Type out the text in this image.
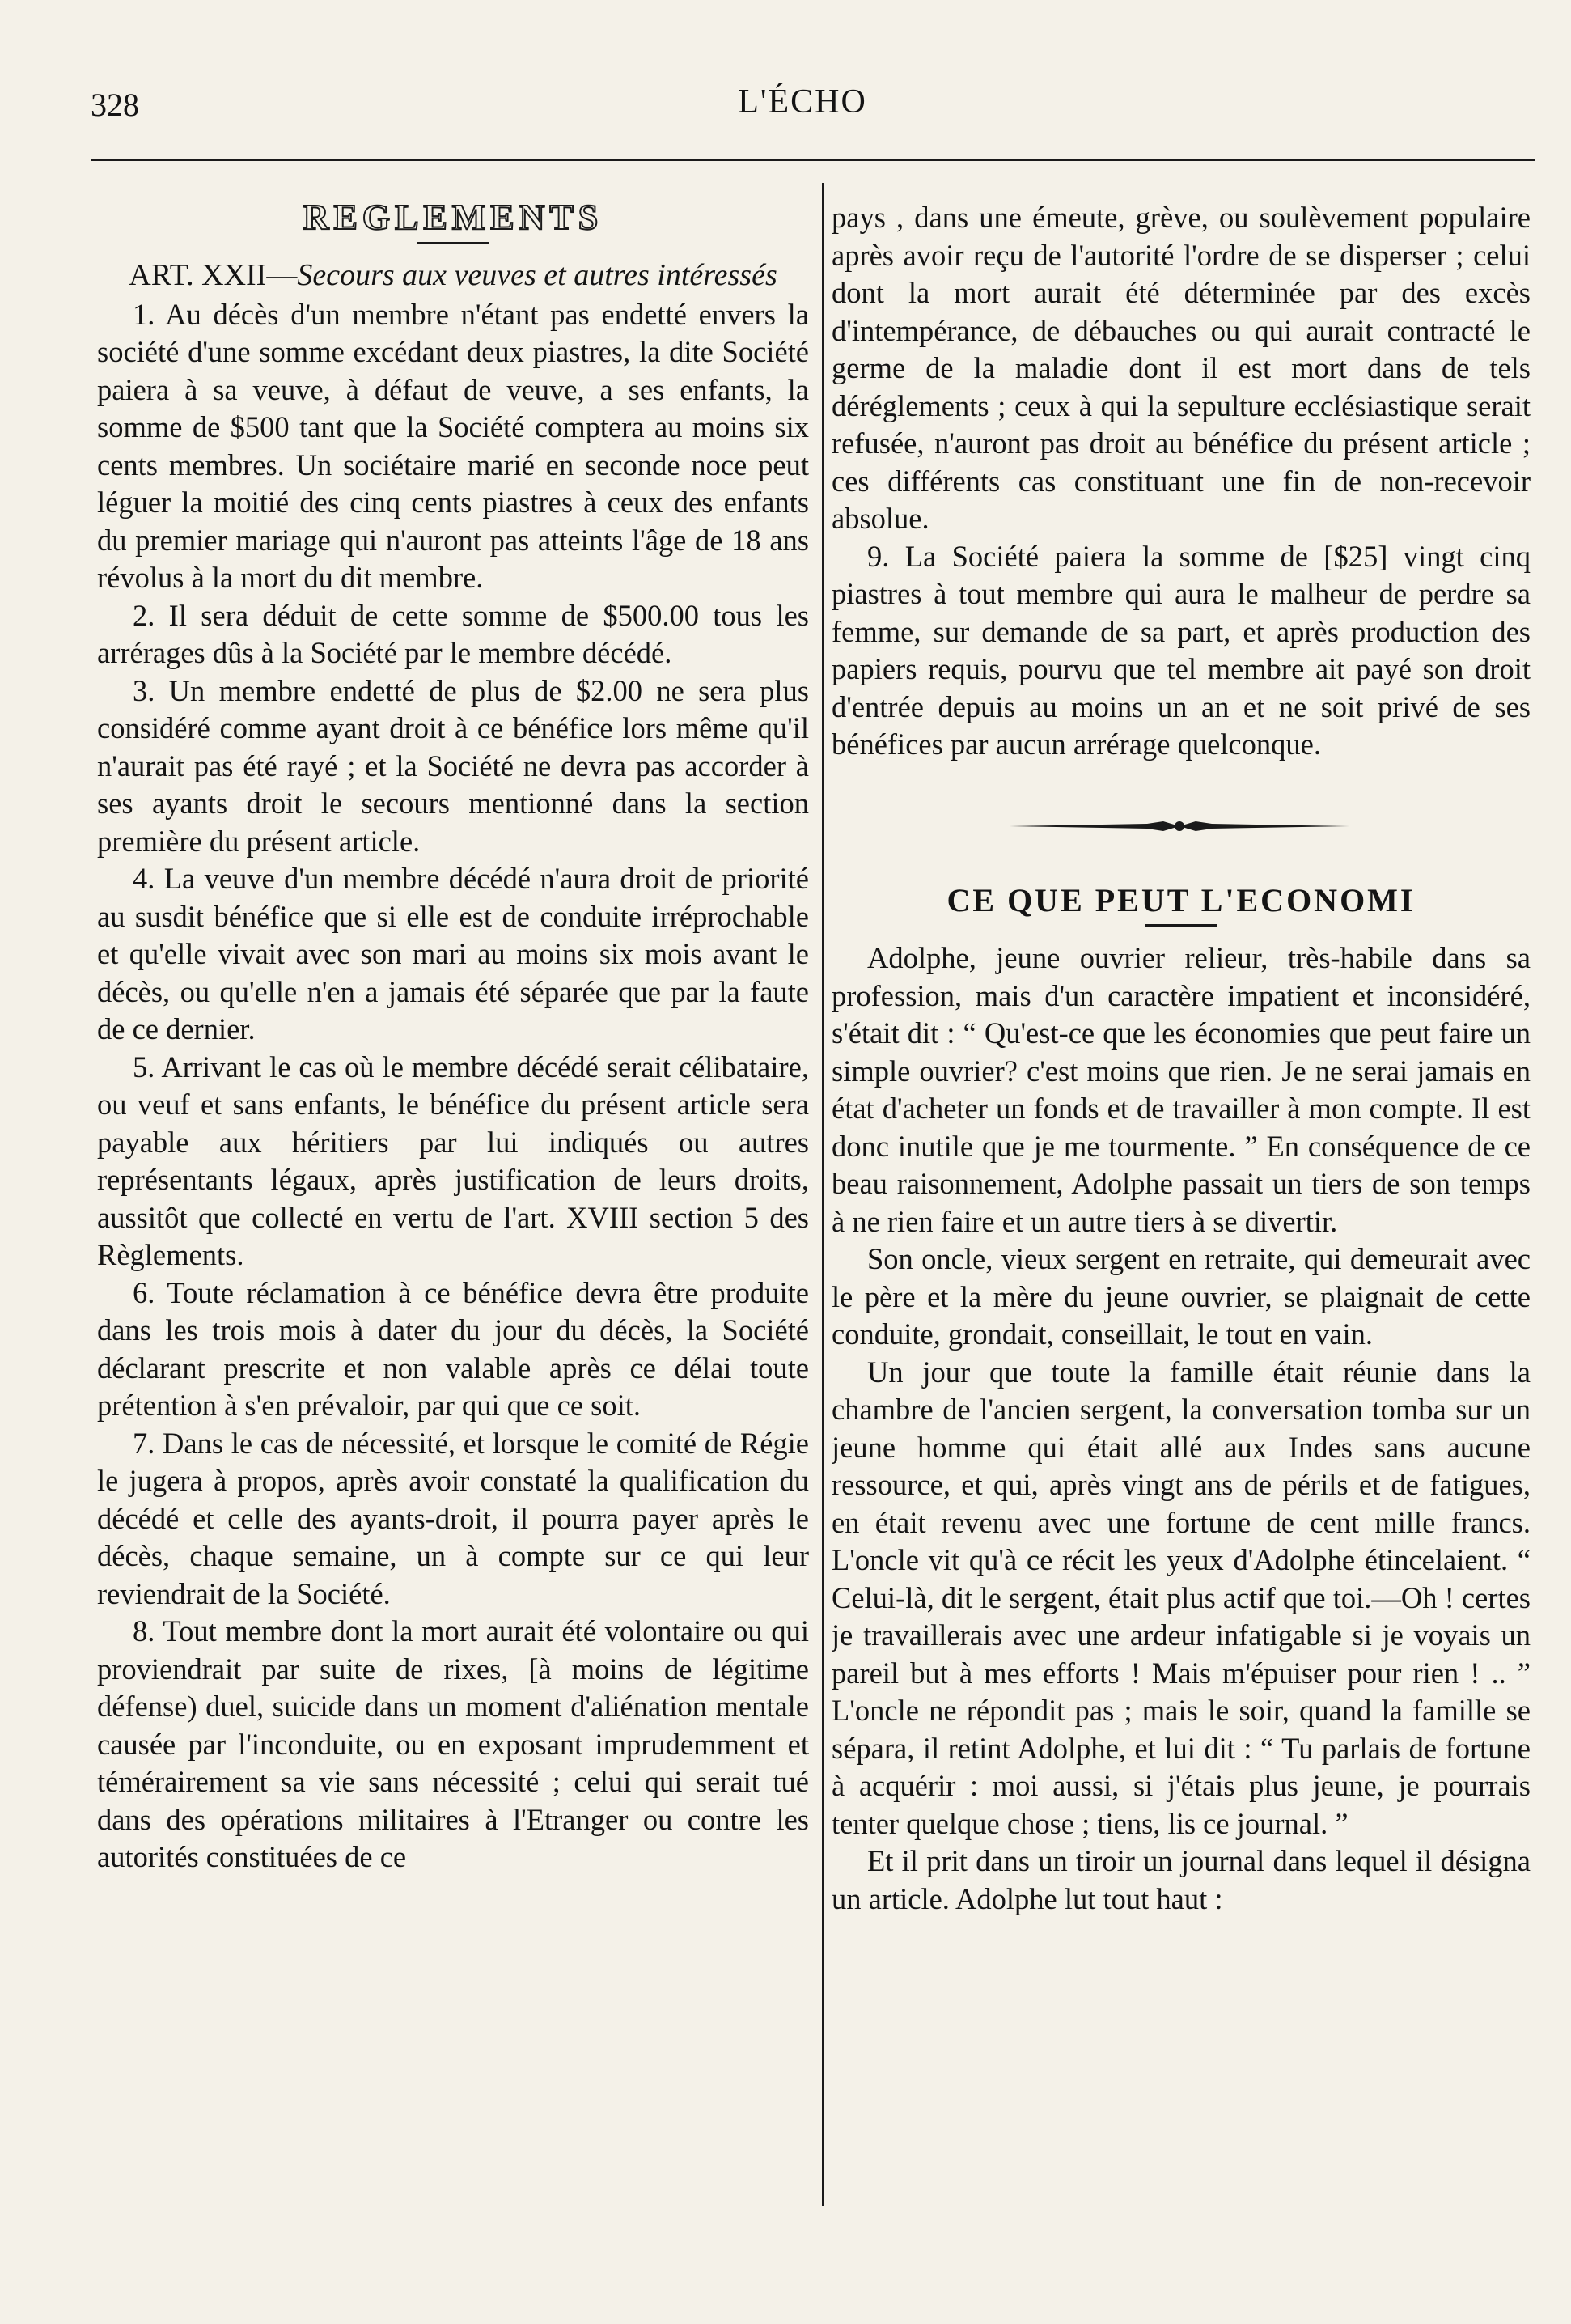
328	L'ÉCHO
REGLEMENTS
ART. XXII—Secours aux veuves et autres intéressés

1. Au décès d'un membre n'étant pas endetté envers la société d'une somme excédant deux piastres, la dite Société paiera à sa veuve, à défaut de veuve, a ses enfants, la somme de $500 tant que la Société comptera au moins six cents membres. Un sociétaire marié en seconde noce peut léguer la moitié des cinq cents piastres à ceux des enfants du premier mariage qui n'auront pas atteints l'âge de 18 ans révolus à la mort du dit membre.

2. Il sera déduit de cette somme de $500.00 tous les arrérages dûs à la Société par le membre décédé.

3. Un membre endetté de plus de $2.00 ne sera plus considéré comme ayant droit à ce bénéfice lors même qu'il n'aurait pas été rayé ; et la Société ne devra pas accorder à ses ayants droit le secours mentionné dans la section première du présent article.

4. La veuve d'un membre décédé n'aura droit de priorité au susdit bénéfice que si elle est de conduite irréprochable et qu'elle vivait avec son mari au moins six mois avant le décès, ou qu'elle n'en a jamais été séparée que par la faute de ce dernier.

5. Arrivant le cas où le membre décédé serait célibataire, ou veuf et sans enfants, le bénéfice du présent article sera payable aux héritiers par lui indiqués ou autres représentants légaux, après justification de leurs droits, aussitôt que collecté en vertu de l'art. XVIII section 5 des Règlements.

6. Toute réclamation à ce bénéfice devra être produite dans les trois mois à dater du jour du décès, la Société déclarant prescrite et non valable après ce délai toute prétention à s'en prévaloir, par qui que ce soit.

7. Dans le cas de nécessité, et lorsque le comité de Régie le jugera à propos, après avoir constaté la qualification du décédé et celle des ayants-droit, il pourra payer après le décès, chaque semaine, un à compte sur ce qui leur reviendrait de la Société.

8. Tout membre dont la mort aurait été volontaire ou qui proviendrait par suite de rixes, [à moins de légitime défense) duel, suicide dans un moment d'aliénation mentale causée par l'inconduite, ou en exposant imprudemment et témérairement sa vie sans nécessité ; celui qui serait tué dans des opérations militaires à l'Etranger ou contre les autorités constituées de ce

pays , dans une émeute, grève, ou soulèvement populaire après avoir reçu de l'autorité l'ordre de se disperser ; celui dont la mort aurait été déterminée par des excès d'intempérance, de débauches ou qui aurait contracté le germe de la maladie dont il est mort dans de tels déréglements ; ceux à qui la sepulture ecclésiastique serait refusée, n'auront pas droit au bénéfice du présent article ; ces différents cas constituant une fin de non-recevoir absolue.

9. La Société paiera la somme de [$25] vingt cinq piastres à tout membre qui aura le malheur de perdre sa femme, sur demande de sa part, et après production des papiers requis, pourvu que tel membre ait payé son droit d'entrée depuis au moins un an et ne soit privé de ses bénéfices par aucun arrérage quelconque.

CE QUE PEUT L'ECONOMI

Adolphe, jeune ouvrier relieur, très-habile dans sa profession, mais d'un caractère impatient et inconsidéré, s'était dit : “ Qu'est-ce que les économies que peut faire un simple ouvrier? c'est moins que rien. Je ne serai jamais en état d'acheter un fonds et de travailler à mon compte. Il est donc inutile que je me tourmente. ” En conséquence de ce beau raisonnement, Adolphe passait un tiers de son temps à ne rien faire et un autre tiers à se divertir.

Son oncle, vieux sergent en retraite, qui demeurait avec le père et la mère du jeune ouvrier, se plaignait de cette conduite, grondait, conseillait, le tout en vain.

Un jour que toute la famille était réunie dans la chambre de l'ancien sergent, la conversation tomba sur un jeune homme qui était allé aux Indes sans aucune ressource, et qui, après vingt ans de périls et de fatigues, en était revenu avec une fortune de cent mille francs. L'oncle vit qu'à ce récit les yeux d'Adolphe étincelaient. “ Celui-là, dit le sergent, était plus actif que toi.—Oh ! certes je travaillerais avec une ardeur infatigable si je voyais un pareil but à mes efforts ! Mais m'épuiser pour rien ! .. ” L'oncle ne répondit pas ; mais le soir, quand la famille se sépara, il retint Adolphe, et lui dit : “ Tu parlais de fortune à acquérir : moi aussi, si j'étais plus jeune, je pourrais tenter quelque chose ; tiens, lis ce journal. ”

Et il prit dans un tiroir un journal dans lequel il désigna un article. Adolphe lut tout haut :
